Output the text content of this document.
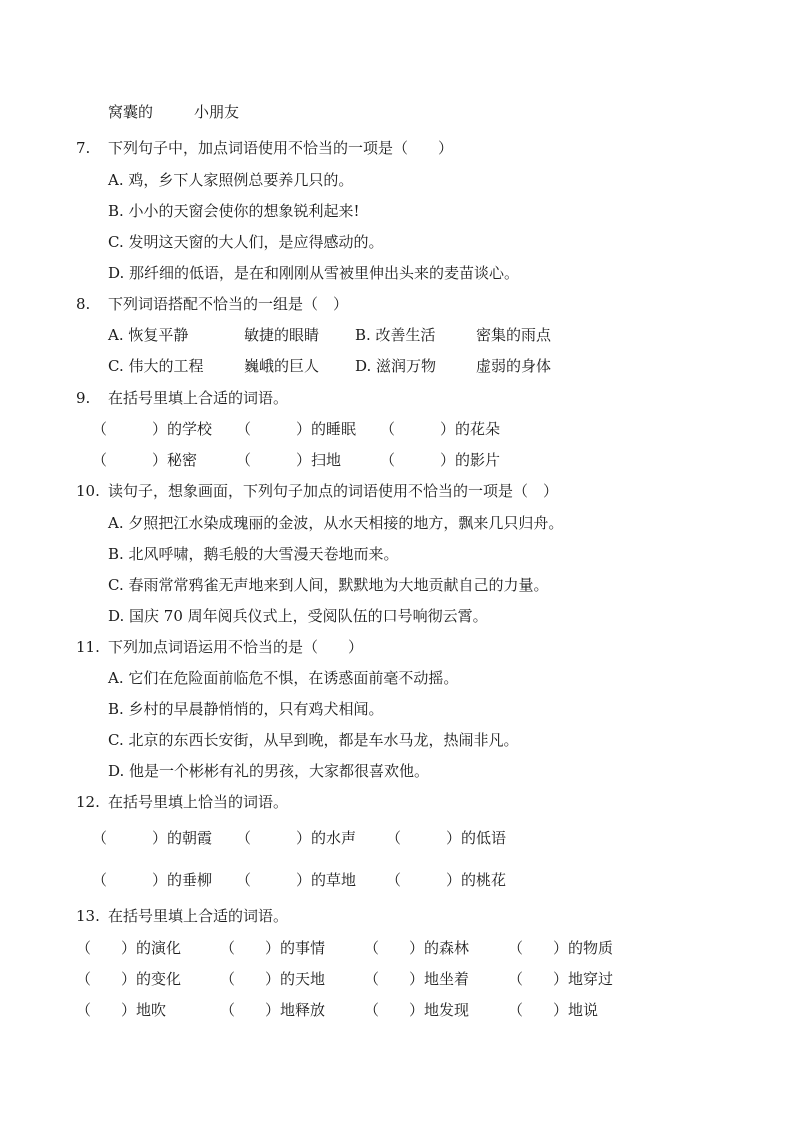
窝囊的	小朋友
7. 下列句子中，加点词语使用不恰当的一项是（　　）
A. 鸡，乡下人家照例总要养几只的。
B. 小小的天窗会使你的想象锐利起来!
C. 发明这天窗的大人们，是应得感动的。
D. 那纤细的低语，是在和刚刚从雪被里伸出头来的麦苗谈心。
8. 下列词语搭配不恰当的一组是（　）
A. 恢复平静	敏捷的眼睛 B. 改善生活	密集的雨点
C. 伟大的工程	巍峨的巨人 D. 滋润万物	虚弱的身体
9. 在括号里填上合适的词语。
（　　　）的学校 （　　　）的睡眠 （　　　）的花朵
（　　　）秘密	（　　　）扫地	（　　　）的影片
10. 读句子，想象画面，下列句子加点的词语使用不恰当的一项是（　）
A. 夕照把江水染成瑰丽的金波，从水天相接的地方，飘来几只归舟。
B. 北风呼啸，鹅毛般的大雪漫天卷地而来。
C. 春雨常常鸦雀无声地来到人间，默默地为大地贡献自己的力量。
D. 国庆 70 周年阅兵仪式上，受阅队伍的口号响彻云霄。
11. 下列加点词语运用不恰当的是（　　）
A. 它们在危险面前临危不惧，在诱惑面前毫不动摇。
B. 乡村的早晨静悄悄的，只有鸡犬相闻。
C. 北京的东西长安街，从早到晚，都是车水马龙，热闹非凡。
D. 他是一个彬彬有礼的男孩，大家都很喜欢他。
12. 在括号里填上恰当的词语。
（　　　）的朝霞 （　　　）的水声 （　　　）的低语
（　　　）的垂柳 （　　　）的草地 （　　　）的桃花
13. 在括号里填上合适的词语。
（　　）的演化	（　　）的事情	（　　）的森林	（　　）的物质
（　　）的变化	（　　）的天地	（　　）地坐着	（　　）地穿过
（　　）地吹	（　　）地释放	（　　）地发现	（　　）地说
